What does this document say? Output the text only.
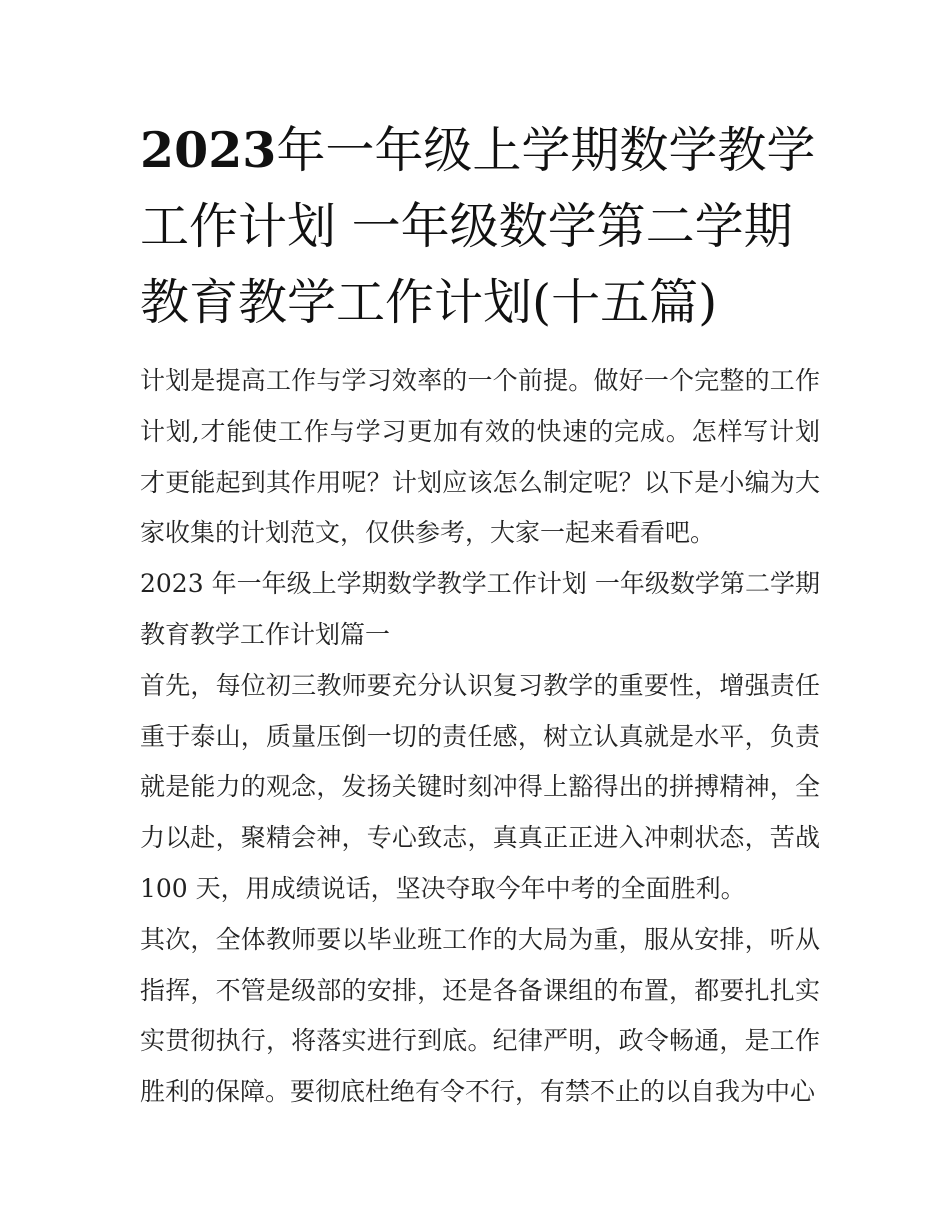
2023年一年级上学期数学教学工作计划 一年级数学第二学期教育教学工作计划(十五篇)

计划是提高工作与学习效率的一个前提。做好一个完整的工作计划,才能使工作与学习更加有效的快速的完成。怎样写计划才更能起到其作用呢？计划应该怎么制定呢？以下是小编为大家收集的计划范文，仅供参考，大家一起来看看吧。

2023 年一年级上学期数学教学工作计划 一年级数学第二学期教育教学工作计划篇一

首先，每位初三教师要充分认识复习教学的重要性，增强责任重于泰山，质量压倒一切的责任感，树立认真就是水平，负责就是能力的观念，发扬关键时刻冲得上豁得出的拼搏精神，全力以赴，聚精会神，专心致志，真真正正进入冲刺状态，苦战 100 天，用成绩说话，坚决夺取今年中考的全面胜利。

其次，全体教师要以毕业班工作的大局为重，服从安排，听从指挥，不管是级部的安排，还是各备课组的布置，都要扎扎实实贯彻执行，将落实进行到底。纪律严明，政令畅通，是工作胜利的保障。要彻底杜绝有令不行，有禁不止的以自我为中心
